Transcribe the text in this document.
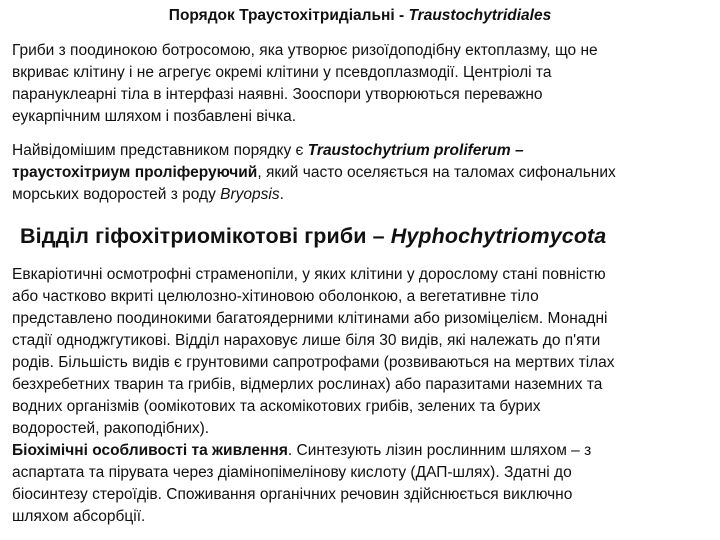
Порядок Траустохітридіальні - Traustochytridiales

Гриби з поодинокою ботросомою, яка утворює ризоїдоподібну ектоплазму, що не
вкриває клітину і не агрегує окремі клітини у псевдоплазмодії. Центріолі та
парануклеарні тіла в інтерфазі наявні. Зооспори утворюються переважно
еукарпічним шляхом і позбавлені вічка.

Найвідомішим представником порядку є Traustochytrium proliferum –
траустохітриум проліферуючий, який часто оселяється на таломах сифональних
морських водоростей з роду Bryopsis.

Відділ гіфохітриомікотові гриби – Hyphochytriomycota

Евкаріотичні осмотрофні страменопіли, у яких клітини у дорослому стані повністю
або частково вкриті целюлозно-хітиновою оболонкою, а вегетативне тіло
представлено поодинокими багатоядерними клітинами або ризоміцелієм. Монадні
стадії одноджгутикові. Відділ нараховує лише біля 30 видів, які належать до п'яти
родів. Більшість видів є грунтовими сапротрофами (розвиваються на мертвих тілах
безхребетних тварин та грибів, відмерлих рослинах) або паразитами наземних та
водних організмів (оомікотових та аскомікотових грибів, зелених та бурих
водоростей, ракоподібних).

Біохімічні особливості та живлення. Синтезують лізин рослинним шляхом – з
аспартата та пірувата через діамінопімелінову кислоту (ДАП-шлях). Здатні до
біосинтезу стероїдів. Споживання органічних речовин здійснюється виключно
шляхом абсорбції.
